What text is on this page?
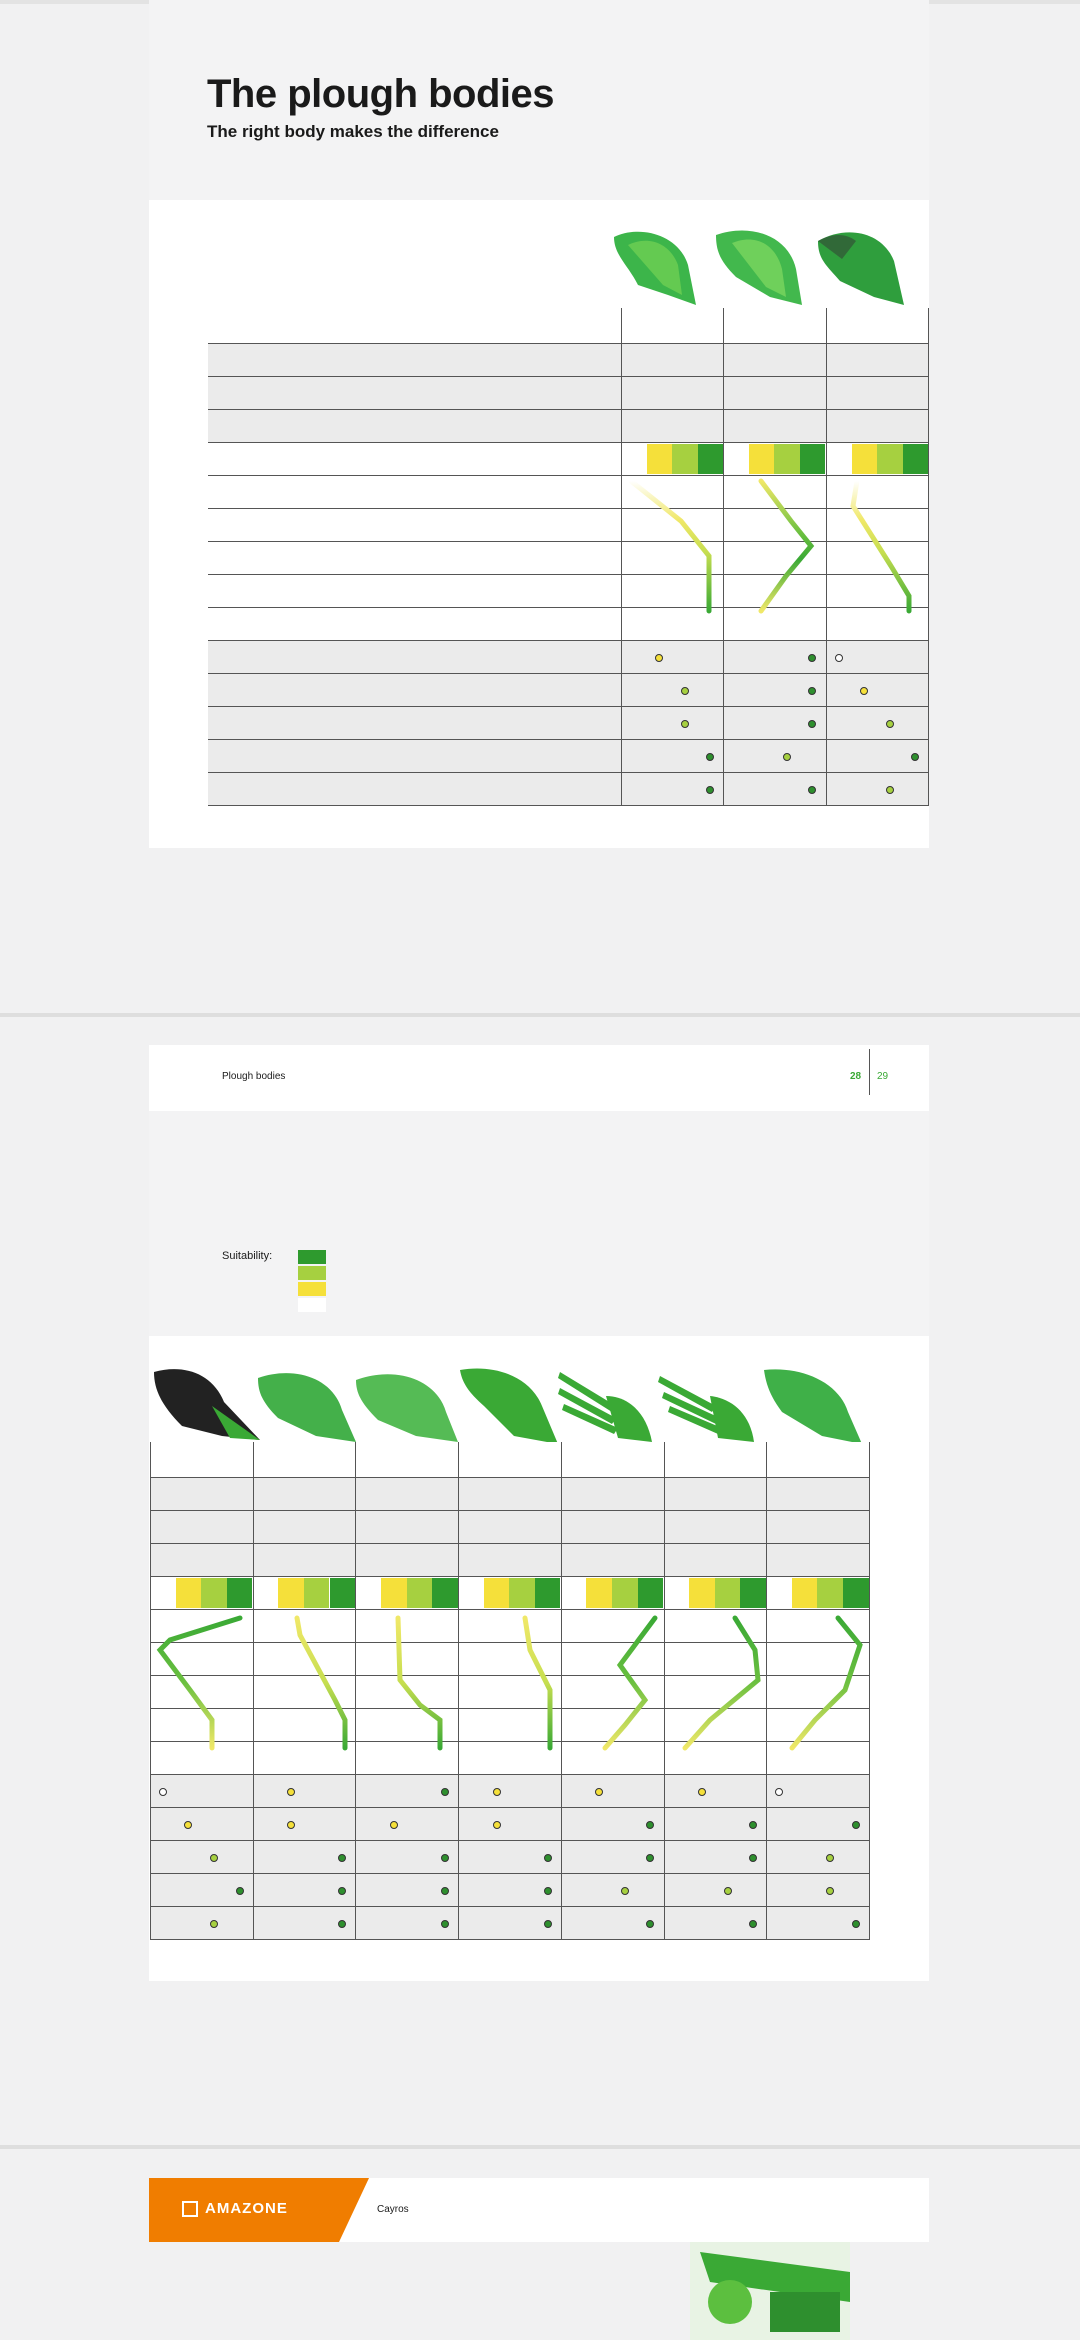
The plough bodies
The right body makes the difference
Plough bodies	28 29
Suitability:
AMAZONE	Cayros
